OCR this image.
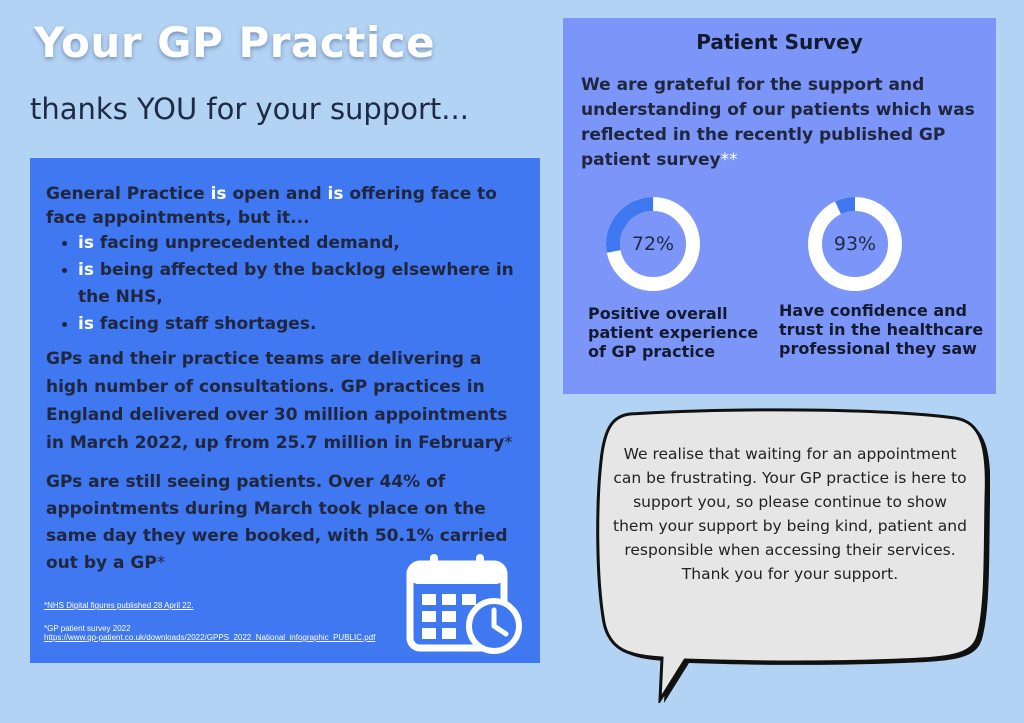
Your GP Practice
thanks YOU for your support...

General Practice is open and is offering face to face appointments, but it...

is facing unprecedented demand,
is being affected by the backlog elsewhere in the NHS,
is facing staff shortages.

GPs and their practice teams are delivering a high number of consultations. GP practices in England delivered over 30 million appointments in March 2022, up from 25.7 million in February*

GPs are still seeing patients. Over 44% of appointments during March took place on the same day they were booked, with 50.1% carried out by a GP*

*NHS Digital figures published 28 April 22.
*GP patient survey 2022
https://www.gp-patient.co.uk/downloads/2022/GPPS_2022_National_infographic_PUBLIC.pdf
Patient Survey

We are grateful for the support and understanding of our patients which was reflected in the recently published GP patient survey**

72%

Positive overall patient experience of GP practice

93%

Have confidence and trust in the healthcare professional they saw

We realise that waiting for an appointment can be frustrating. Your GP practice is here to support you, so please continue to show them your support by being kind, patient and responsible when accessing their services. Thank you for your support.
